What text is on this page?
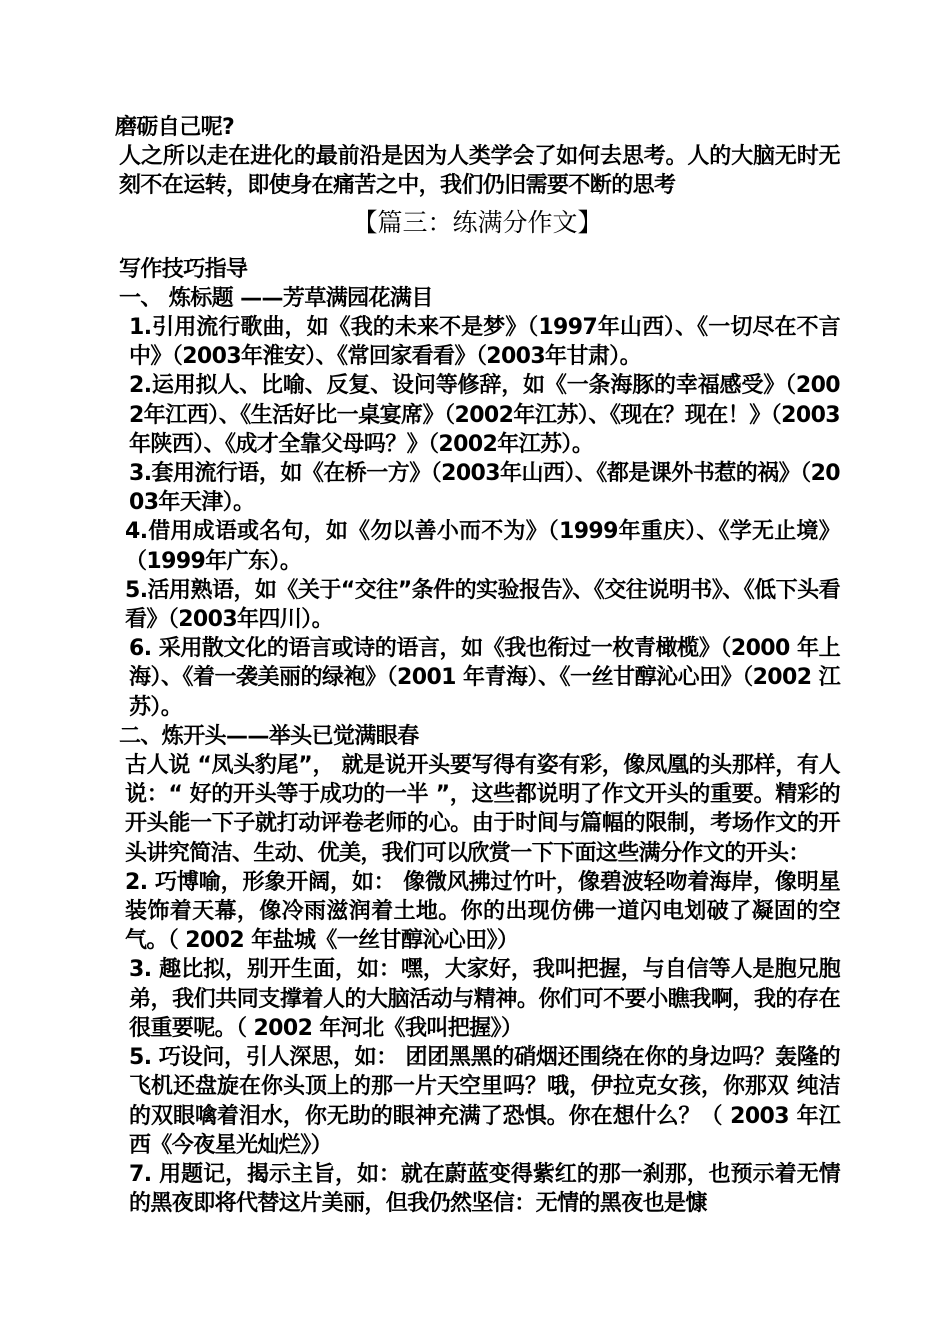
磨砺自己呢?

人之所以走在进化的最前沿是因为人类学会了如何去思考。人的大脑无时无刻不在运转，即使身在痛苦之中，我们仍旧需要不断的思考

【篇三：练满分作文】

写作技巧指导

一、 炼标题 ——芳草满园花满目

1.引用流行歌曲，如《我的未来不是梦》（1997年山西）、《一切尽在不言中》（2003年淮安）、《常回家看看》（2003年甘肃）。

2.运用拟人、比喻、反复、设问等修辞，如《一条海豚的幸福感受》（2002年江西）、《生活好比一桌宴席》（2002年江苏）、《现在？现在！》（2003年陕西）、《成才全靠父母吗？》（2002年江苏）。

3.套用流行语，如《在桥一方》（2003年山西）、《都是课外书惹的祸》（2003年天津）。

4.借用成语或名句，如《勿以善小而不为》（1999年重庆）、《学无止境》（1999年广东）。

5.活用熟语，如《关于“交往”条件的实验报告》、《交往说明书》、《低下头看看》（2003年四川）。

6. 采用散文化的语言或诗的语言，如《我也衔过一枚青橄榄》（2000 年上海）、《着一袭美丽的绿袍》（2001 年青海）、《一丝甘醇沁心田》（2002 江苏）。

二、炼开头——举头已觉满眼春

古人说 “凤头豹尾”， 就是说开头要写得有姿有彩，像凤凰的头那样，有人说：“ 好的开头等于成功的一半 ”，这些都说明了作文开头的重要。精彩的开头能一下子就打动评卷老师的心。由于时间与篇幅的限制，考场作文的开头讲究简洁、生动、优美，我们可以欣赏一下下面这些满分作文的开头：

2. 巧博喻，形象开阔，如： 像微风拂过竹叶，像碧波轻吻着海岸，像明星装饰着天幕，像冷雨滋润着土地。你的出现仿佛一道闪电划破了凝固的空气。（ 2002 年盐城《一丝甘醇沁心田》）

3. 趣比拟，别开生面，如：嘿，大家好，我叫把握，与自信等人是胞兄胞弟，我们共同支撑着人的大脑活动与精神。你们可不要小瞧我啊，我的存在很重要呢。（ 2002 年河北《我叫把握》）

5. 巧设问，引人深思，如： 团团黑黑的硝烟还围绕在你的身边吗？轰隆的飞机还盘旋在你头顶上的那一片天空里吗？哦，伊拉克女孩，你那双 纯洁的双眼噙着泪水，你无助的眼神充满了恐惧。你在想什么？（ 2003 年江西《今夜星光灿烂》）

7. 用题记，揭示主旨，如：就在蔚蓝变得紫红的那一刹那，也预示着无情的黑夜即将代替这片美丽，但我仍然坚信：无情的黑夜也是慷
